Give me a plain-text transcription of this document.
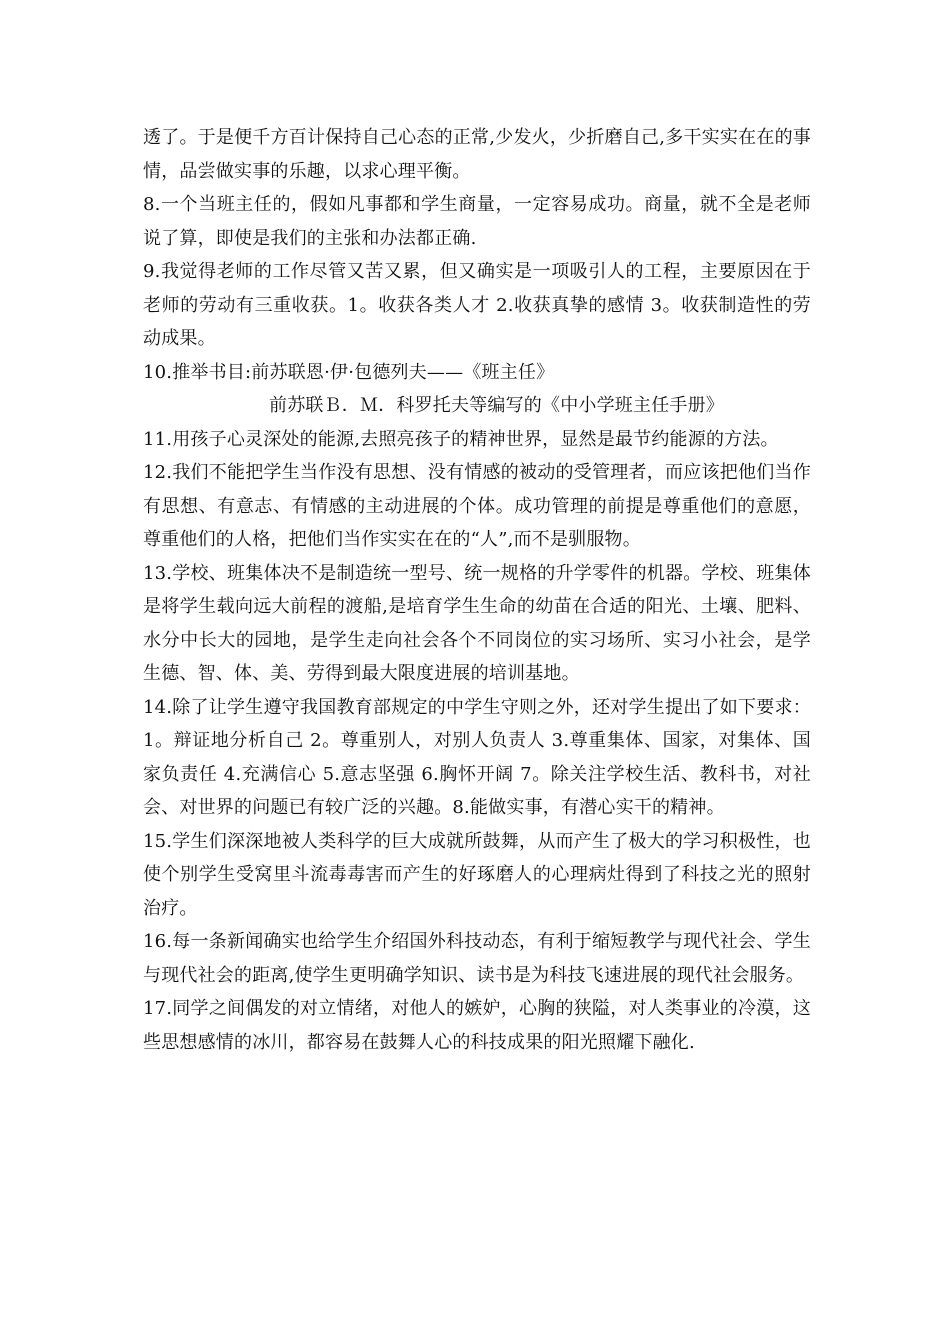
透了。于是便千方百计保持自己心态的正常,少发火，少折磨自己,多干实实在在的事情，品尝做实事的乐趣，以求心理平衡。

8.一个当班主任的，假如凡事都和学生商量，一定容易成功。商量，就不全是老师说了算，即使是我们的主张和办法都正确.

9.我觉得老师的工作尽管又苦又累，但又确实是一项吸引人的工程，主要原因在于老师的劳动有三重收获。1。收获各类人才 2.收获真挚的感情 3。收获制造性的劳动成果。

10.推举书目:前苏联恩·伊·包德列夫——《班主任》

前苏联Ｂ．Ｍ．科罗托夫等编写的《中小学班主任手册》

11.用孩子心灵深处的能源,去照亮孩子的精神世界，显然是最节约能源的方法。

12.我们不能把学生当作没有思想、没有情感的被动的受管理者，而应该把他们当作有思想、有意志、有情感的主动进展的个体。成功管理的前提是尊重他们的意愿，尊重他们的人格，把他们当作实实在在的“人”,而不是驯服物。

13.学校、班集体决不是制造统一型号、统一规格的升学零件的机器。学校、班集体是将学生载向远大前程的渡船,是培育学生生命的幼苗在合适的阳光、土壤、肥料、水分中长大的园地，是学生走向社会各个不同岗位的实习场所、实习小社会，是学生德、智、体、美、劳得到最大限度进展的培训基地。

14.除了让学生遵守我国教育部规定的中学生守则之外，还对学生提出了如下要求：1。辩证地分析自己 2。尊重别人，对别人负责人 3.尊重集体、国家，对集体、国家负责任 4.充满信心 5.意志坚强 6.胸怀开阔 7。除关注学校生活、教科书，对社会、对世界的问题已有较广泛的兴趣。8.能做实事，有潜心实干的精神。

15.学生们深深地被人类科学的巨大成就所鼓舞，从而产生了极大的学习积极性，也使个别学生受窝里斗流毒毒害而产生的好琢磨人的心理病灶得到了科技之光的照射治疗。

16.每一条新闻确实也给学生介绍国外科技动态，有利于缩短教学与现代社会、学生与现代社会的距离,使学生更明确学知识、读书是为科技飞速进展的现代社会服务。

17.同学之间偶发的对立情绪，对他人的嫉妒，心胸的狭隘，对人类事业的冷漠，这些思想感情的冰川，都容易在鼓舞人心的科技成果的阳光照耀下融化.
